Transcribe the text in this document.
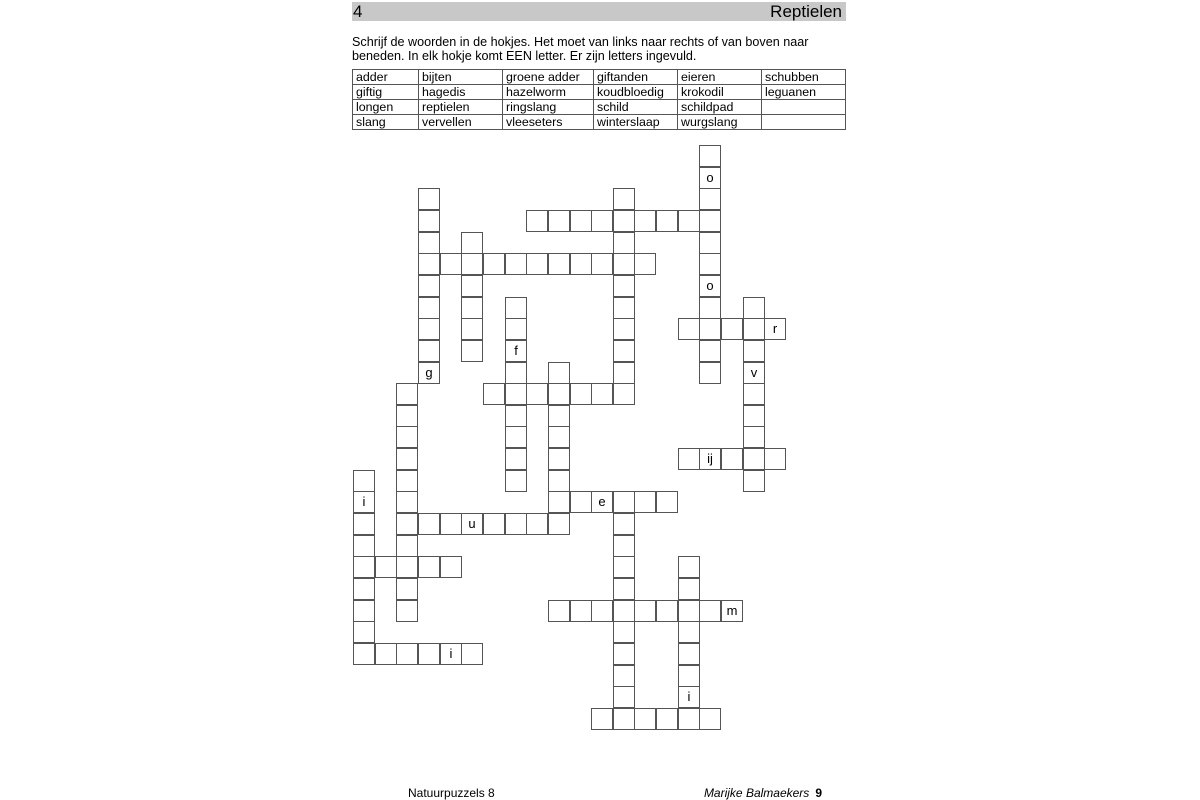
4	Reptielen
Schrijf de woorden in de hokjes. Het moet van links naar rechts of van boven naar beneden. In elk hokje komt EEN letter. Er zijn letters ingevuld.
adder	bijten	groene adder	giftanden	eieren	schubben
giftig	hagedis	hazelworm	koudbloedig	krokodil	leguanen
longen	reptielen	ringslang	schild	schildpad	
slang	vervellen	vleeseters	winterslaap	wurgslang	
r
ij
e
u
m
i
o
o
g
f
v
i
i
Natuurpuzzels 8	Marijke Balmaekers 9
